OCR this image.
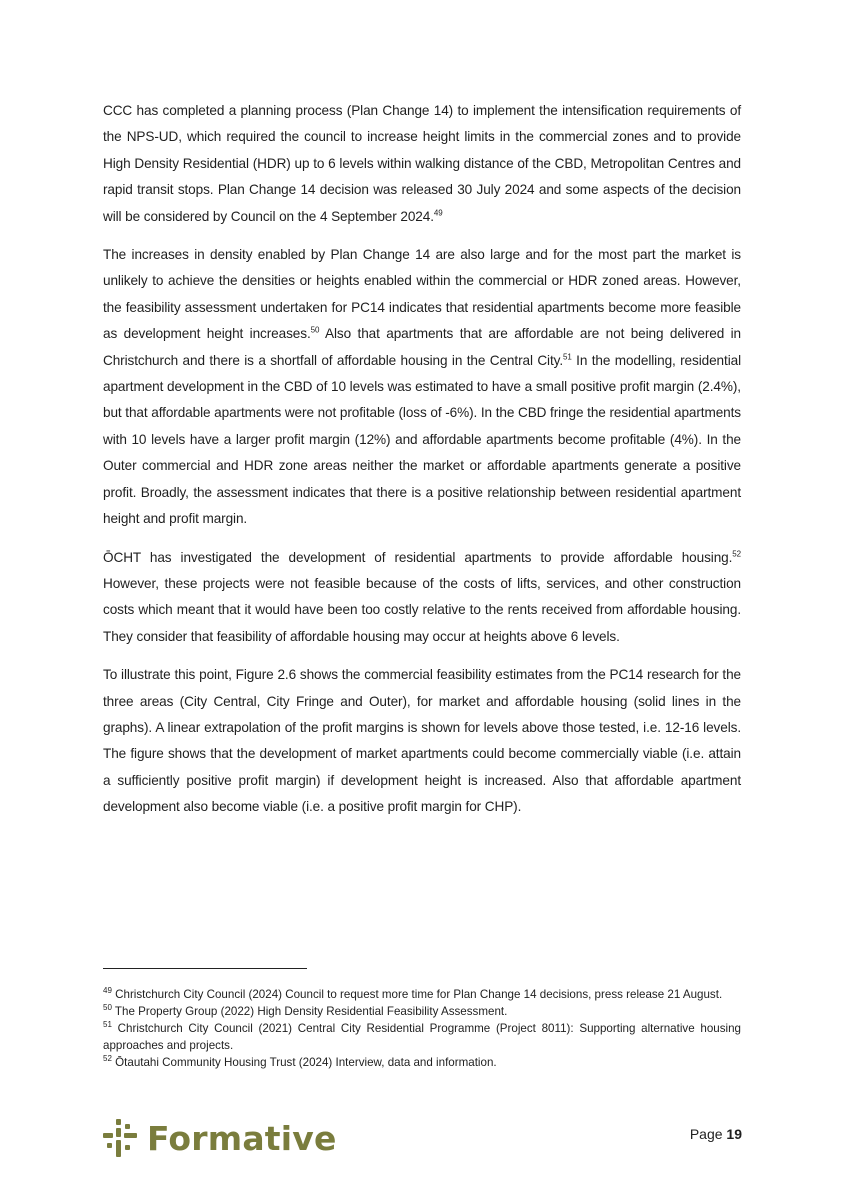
CCC has completed a planning process (Plan Change 14) to implement the intensification requirements of the NPS-UD, which required the council to increase height limits in the commercial zones and to provide High Density Residential (HDR) up to 6 levels within walking distance of the CBD, Metropolitan Centres and rapid transit stops. Plan Change 14 decision was released 30 July 2024 and some aspects of the decision will be considered by Council on the 4 September 2024.49

The increases in density enabled by Plan Change 14 are also large and for the most part the market is unlikely to achieve the densities or heights enabled within the commercial or HDR zoned areas. However, the feasibility assessment undertaken for PC14 indicates that residential apartments become more feasible as development height increases.$^{50}$ Also that apartments that are affordable are not being delivered in Christchurch and there is a shortfall of affordable housing in the Central City.$^{51}$ In the modelling, residential apartment development in the CBD of 10 levels was estimated to have a small positive profit margin (2.4%), but that affordable apartments were not profitable (loss of -6%). In the CBD fringe the residential apartments with 10 levels have a larger profit margin (12%) and affordable apartments become profitable (4%). In the Outer commercial and HDR zone areas neither the market or affordable apartments generate a positive profit. Broadly, the assessment indicates that there is a positive relationship between residential apartment height and profit margin.

ŌCHT has investigated the development of residential apartments to provide affordable housing.$^{52}$ However, these projects were not feasible because of the costs of lifts, services, and other construction costs which meant that it would have been too costly relative to the rents received from affordable housing. They consider that feasibility of affordable housing may occur at heights above 6 levels.

To illustrate this point, Figure 2.6 shows the commercial feasibility estimates from the PC14 research for the three areas (City Central, City Fringe and Outer), for market and affordable housing (solid lines in the graphs). A linear extrapolation of the profit margins is shown for levels above those tested, i.e. 12-16 levels. The figure shows that the development of market apartments could become commercially viable (i.e. attain a sufficiently positive profit margin) if development height is increased. Also that affordable apartment development also become viable (i.e. a positive profit margin for CHP).

$^{49}$ Christchurch City Council (2024) Council to request more time for Plan Change 14 decisions, press release 21 August.

$^{50}$ The Property Group (2022) High Density Residential Feasibility Assessment.

$^{51}$ Christchurch City Council (2021) Central City Residential Programme (Project 8011): Supporting alternative housing approaches and projects.

$^{52}$ Ōtautahi Community Housing Trust (2024) Interview, data and information.

Formative	Page 19
